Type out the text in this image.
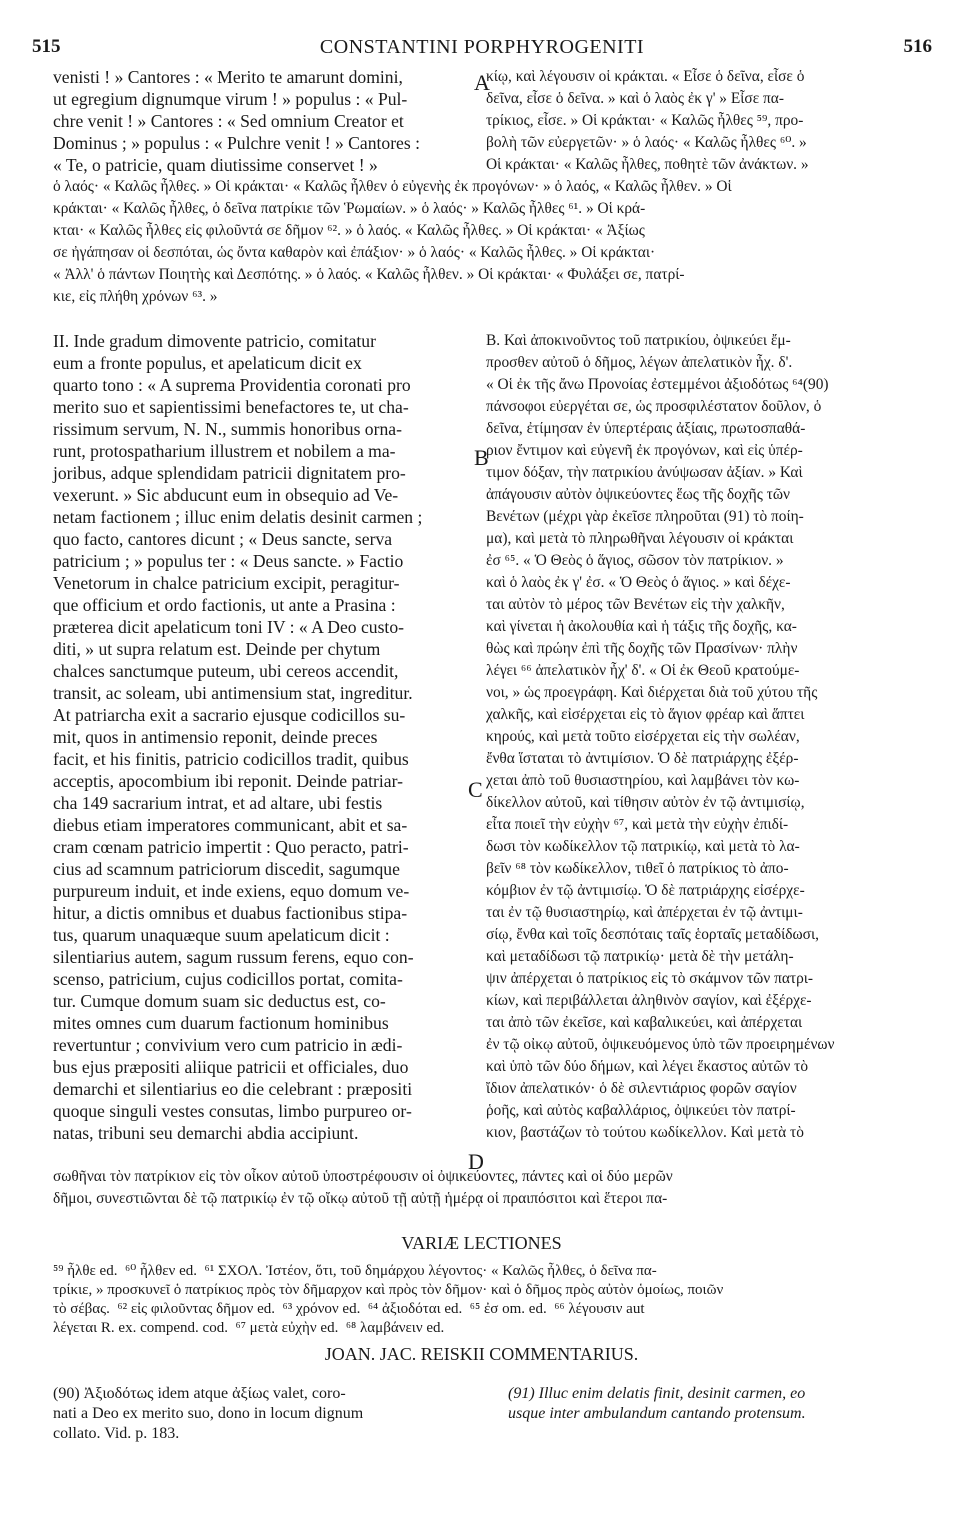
515	CONSTANTINI PORPHYROGENITI	516
venisti ! » Cantores : « Merito te amarunt domini,
ut egregium dignumque virum ! » populus : « Pul-
chre venit ! » Cantores : « Sed omnium Creator et
Dominus ; » populus : « Pulchre venit ! » Cantores :
« Te, o patricie, quam diutissime conservet ! »
κίῳ, καὶ λέγουσιν οἱ κράκται. « Εἶσε ὁ δεῖνα, εἶσε ὁ
δεῖνα, εἶσε ὁ δεῖνα. » καὶ ὁ λαὸς ἐκ γ' » Εἶσε πα-
τρίκιος, εἶσε. » Οἱ κράκται· « Καλῶς ἦλθες ⁵⁹, προ-
βολὴ τῶν εὐεργετῶν· » ὁ λαός· « Καλῶς ἦλθες ⁶⁰. »
Οἱ κράκται· « Καλῶς ἦλθες, ποθητὲ τῶν ἀνάκτων. »
ὁ λαός· « Καλῶς ἦλθες. » Οἱ κράκται· « Καλῶς ἦλθεν ὁ εὐγενὴς ἐκ προγόνων· » ὁ λαός, « Καλῶς ἦλθεν. » Οἱ
κράκται· « Καλῶς ἦλθες, ὁ δεῖνα πατρίκιε τῶν Ῥωμαίων. » ὁ λαός· » Καλῶς ἦλθες ⁶¹. » Οἱ κρά-
κται· « Καλῶς ἦλθες εἰς φιλοῦντά σε δῆμον ⁶². » ὁ λαός. « Καλῶς ἦλθες. » Οἱ κράκται· « Ἀξίως
σε ἠγάπησαν οἱ δεσπόται, ὡς ὄντα καθαρὸν καὶ ἐπάξιον· » ὁ λαός· « Καλῶς ἦλθες. » Οἱ κράκται·
« Ἀλλ' ὁ πάντων Ποιητὴς καὶ Δεσπότης. » ὁ λαός. « Καλῶς ἦλθεν. » Οἱ κράκται· « Φυλάξει σε, πατρί-
κιε, εἰς πλήθη χρόνων ⁶³. »
II. Inde gradum dimovente patricio, comitatur
eum a fronte populus, et apelaticum dicit ex
quarto tono : « A suprema Providentia coronati pro
merito suo et sapientissimi benefactores te, ut cha-
rissimum servum, N. N., summis honoribus orna-
runt, protospatharium illustrem et nobilem a ma-
joribus, adque splendidam patricii dignitatem pro-
vexerunt. » Sic abducunt eum in obsequio ad Ve-
netam factionem ; illuc enim delatis desinit carmen ;
quo facto, cantores dicunt ; « Deus sancte, serva
patricium ; » populus ter : « Deus sancte. » Factio
Venetorum in chalce patricium excipit, peragitur-
que officium et ordo factionis, ut ante a Prasina :
præterea dicit apelaticum toni IV : « A Deo custo-
diti, » ut supra relatum est. Deinde per chytum
chalces sanctumque puteum, ubi cereos accendit,
transit, ac soleam, ubi antimensium stat, ingreditur.
At patriarcha exit a sacrario ejusque codicillos su-
mit, quos in antimensio reponit, deinde preces
facit, et his finitis, patricio codicillos tradit, quibus
acceptis, apocombium ibi reponit. Deinde patriar-
cha 149 sacrarium intrat, et ad altare, ubi festis
diebus etiam imperatores communicant, abit et sa-
cram cœnam patricio impertit : Quo peracto, patri-
cius ad scamnum patriciorum discedit, sagumque
purpureum induit, et inde exiens, equo domum ve-
hitur, a dictis omnibus et duabus factionibus stipa-
tus, quarum unaquæque suum apelaticum dicit :
silentiarius autem, sagum russum ferens, equo con-
scenso, patricium, cujus codicillos portat, comita-
tur. Cumque domum suam sic deductus est, co-
mites omnes cum duarum factionum hominibus
revertuntur ; convivium vero cum patricio in ædi-
bus ejus præpositi aliique patricii et officiales, duo
demarchi et silentiarius eo die celebrant : præpositi
quoque singuli vestes consutas, limbo purpureo or-
natas, tribuni seu demarchi abdia accipiunt.
Β. Καὶ ἀποκινοῦντος τοῦ πατρικίου, ὀψικεύει ἔμ-
προσθεν αὐτοῦ ὁ δῆμος, λέγων ἀπελατικὸν ἦχ. δ'.
« Οἱ ἐκ τῆς ἄνω Προνοίας ἐστεμμένοι ἀξιοδότως ⁶⁴(90)
πάνσοφοι εὐεργέται σε, ὡς προσφιλέστατον δοῦλον, ὁ
δεῖνα, ἐτίμησαν ἐν ὑπερτέραις ἀξίαις, πρωτοσπαθά-
ριον ἔντιμον καὶ εὐγενῆ ἐκ προγόνων, καὶ εἰς ὑπέρ-
τιμον δόξαν, τὴν πατρικίου ἀνύψωσαν ἀξίαν. » Καὶ
ἀπάγουσιν αὐτὸν ὀψικεύοντες ἕως τῆς δοχῆς τῶν
Βενέτων (μέχρι γὰρ ἐκεῖσε πληροῦται (91) τὸ ποίη-
μα), καὶ μετὰ τὸ πληρωθῆναι λέγουσιν οἱ κράκται
ἐσ ⁶⁵. « Ὁ Θεὸς ὁ ἅγιος, σῶσον τὸν πατρίκιον. »
καὶ ὁ λαὸς ἐκ γ' ἐσ. « Ὁ Θεὸς ὁ ἅγιος. » καὶ δέχε-
ται αὐτὸν τὸ μέρος τῶν Βενέτων εἰς τὴν χαλκῆν,
καὶ γίνεται ἡ ἀκολουθία καὶ ἡ τάξις τῆς δοχῆς, κα-
θὼς καὶ πρώην ἐπὶ τῆς δοχῆς τῶν Πρασίνων· πλὴν
λέγει ⁶⁶ ἀπελατικὸν ἦχ' δ'. « Οἱ ἐκ Θεοῦ κρατούμε-
νοι, » ὡς προεγράφη. Καὶ διέρχεται διὰ τοῦ χύτου τῆς
χαλκῆς, καὶ εἰσέρχεται εἰς τὸ ἅγιον φρέαρ καὶ ἅπτει
κηρούς, καὶ μετὰ τοῦτο εἰσέρχεται εἰς τὴν σωλέαν,
ἔνθα ἵσταται τὸ ἀντιμίσιον. Ὁ δὲ πατριάρχης ἐξέρ-
χεται ἀπὸ τοῦ θυσιαστηρίου, καὶ λαμβάνει τὸν κω-
δίκελλον αὐτοῦ, καὶ τίθησιν αὐτὸν ἐν τῷ ἀντιμισίῳ,
εἶτα ποιεῖ τὴν εὐχὴν ⁶⁷, καὶ μετὰ τὴν εὐχὴν ἐπιδί-
δωσι τὸν κωδίκελλον τῷ πατρικίῳ, καὶ μετὰ τὸ λα-
βεῖν ⁶⁸ τὸν κωδίκελλον, τιθεῖ ὁ πατρίκιος τὸ ἀπο-
κόμβιον ἐν τῷ ἀντιμισίῳ. Ὁ δὲ πατριάρχης εἰσέρχε-
ται ἐν τῷ θυσιαστηρίῳ, καὶ ἀπέρχεται ἐν τῷ ἀντιμι-
σίῳ, ἔνθα καὶ τοῖς δεσπόταις ταῖς ἑορταῖς μεταδίδωσι,
καὶ μεταδίδωσι τῷ πατρικίῳ· μετὰ δὲ τὴν μετάλη-
ψιν ἀπέρχεται ὁ πατρίκιος εἰς τὸ σκάμνον τῶν πατρι-
κίων, καὶ περιβάλλεται ἀληθινὸν σαγίον, καὶ ἐξέρχε-
ται ἀπὸ τῶν ἐκεῖσε, καὶ καβαλικεύει, καὶ ἀπέρχεται
ἐν τῷ οἰκῳ αὐτοῦ, ὀψικευόμενος ὑπὸ τῶν προειρημένων
καὶ ὑπὸ τῶν δύο δήμων, καὶ λέγει ἕκαστος αὐτῶν τὸ
ἴδιον ἀπελατικόν· ὁ δὲ σιλεντιάριος φορῶν σαγίον
ῥοῆς, καὶ αὐτὸς καβαλλάριος, ὀψικεύει τὸν πατρί-
κιον, βαστάζων τὸ τούτου κωδίκελλον. Καὶ μετὰ τὸ
A
B
C
D
σωθῆναι τὸν πατρίκιον εἰς τὸν οἶκον αὐτοῦ ὑποστρέφουσιν οἱ ὀψικεύοντες, πάντες καὶ οἱ δύο μερῶν
δῆμοι, συνεστιῶνται δὲ τῷ πατρικίῳ ἐν τῷ οἴκῳ αὐτοῦ τῇ αὐτῇ ἡμέρᾳ οἱ πραιπόσιτοι καὶ ἕτεροι πα-
VARIÆ LECTIONES
⁵⁹ ἦλθε ed.  ⁶⁰ ἦλθεν ed.  ⁶¹ ΣΧΟΛ. Ἰστέον, ὅτι, τοῦ δημάρχου λέγοντος· « Καλῶς ἦλθες, ὁ δεῖνα πα-
τρίκιε, » προσκυνεῖ ὁ πατρίκιος πρὸς τὸν δῆμαρχον καὶ πρὸς τὸν δῆμον· καὶ ὁ δῆμος πρὸς αὐτὸν ὁμοίως, ποιῶν
τὸ σέβας.  ⁶² εἰς φιλοῦντας δῆμον ed.  ⁶³ χρόνον ed.  ⁶⁴ ἀξιοδόται ed.  ⁶⁵ ἐσ om. ed.  ⁶⁶ λέγουσιν aut
λέγεται R. ex. compend. cod.  ⁶⁷ μετὰ εὐχὴν ed.  ⁶⁸ λαμβάνειν ed.
JOAN. JAC. REISKII COMMENTARIUS.
(90) Ἀξιοδότως idem atque ἀξίως valet, coro-
nati a Deo ex merito suo, dono in locum dignum
collato. Vid. p. 183.
(91) Illuc enim delatis finit, desinit carmen, eo
usque inter ambulandum cantando protensum.
